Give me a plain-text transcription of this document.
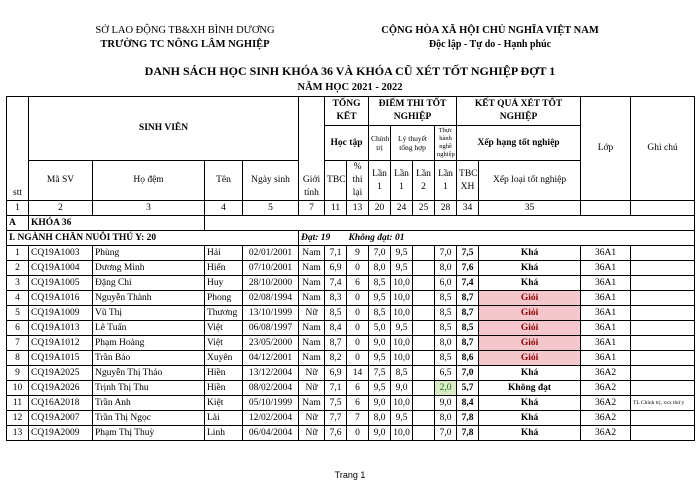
SỞ LAO ĐỘNG TB&XH BÌNH DƯƠNG
TRƯỜNG TC NÔNG LÂM NGHIỆP
CỘNG HÒA XÃ HỘI CHỦ NGHĨA VIỆT NAM
Độc lập - Tự do - Hạnh phúc
DANH SÁCH HỌC SINH KHÓA 36 VÀ KHÓA CŨ XÉT TỐT NGHIỆP ĐỢT 1
NĂM HỌC 2021 - 2022
stt	SINH VIÊN				Giới tính	TỔNG KẾT		ĐIỂM THI TỐT NGHIỆP				KẾT QUẢ XÉT TỐT NGHIỆP		Lớp	Ghi chú
						Học tập		Chính trị	Lý thuyết tổng hợp		Thực hành nghề nghiệp	Xếp hạng tốt nghiệp			
	Mã SV	Họ đệm	Tên	Ngày sinh		TBC	% thi lại	Lần 1	Lần 1	Lần 2	Lần 1	TBC XH	Xếp loại tốt nghiệp		
1	2	3	4	5	7	11	13	20	24	25	28	34	35		
A	KHÓA 36														
I. NGÀNH CHĂN NUÔI THÚ Y: 20					Đạt: 19		Không đạt: 01								
1	CQ19A1003	Phùng	Hải	02/01/2001	Nam	7,1	9	7,0	9,5		7,0	7,5	Khá	36A1	
2	CQ19A1004	Dương Minh	Hiển	07/10/2001	Nam	6,9	0	8,0	9,5		8,0	7,6	Khá	36A1	
3	CQ19A1005	Đặng Chí	Huy	28/10/2000	Nam	7,4	6	8,5	10,0		6,0	7,4	Khá	36A1	
4	CQ19A1016	Nguyễn Thành	Phong	02/08/1994	Nam	8,3	0	9,5	10,0		8,5	8,7	Giỏi	36A1	
5	CQ19A1009	Vũ Thị	Thương	13/10/1999	Nữ	8,5	0	8,5	10,0		8,5	8,7	Giỏi	36A1	
6	CQ19A1013	Lê Tuấn	Việt	06/08/1997	Nam	8,4	0	5,0	9,5		8,5	8,5	Giỏi	36A1	
7	CQ19A1012	Phạm Hoàng	Việt	23/05/2000	Nam	8,7	0	9,0	10,0		8,0	8,7	Giỏi	36A1	
8	CQ19A1015	Trần Bảo	Xuyên	04/12/2001	Nam	8,2	0	9,5	10,0		8,5	8,6	Giỏi	36A1	
9	CQ19A2025	Nguyễn Thị Thảo	Hiền	13/12/2004	Nữ	6,9	14	7,5	8,5		6,5	7,0	Khá	36A2	
10	CQ19A2026	Trịnh Thị Thu	Hiền	08/02/2004	Nữ	7,1	6	9,5	9,0		2,0	5,7	Không đạt	36A2	
11	CQ16A2018	Trần Anh	Kiệt	05/10/1999	Nam	7,5	6	9,0	10,0		9,0	8,4	Khá	36A2	TL Chính trị, xxx thứ y
12	CQ19A2007	Trần Thị Ngọc	Lài	12/02/2004	Nữ	7,7	7	8,0	9,5		8,0	7,8	Khá	36A2	
13	CQ19A2009	Phạm Thị Thuỳ	Linh	06/04/2004	Nữ	7,6	0	9,0	10,0		7,0	7,8	Khá	36A2	
Trang 1
